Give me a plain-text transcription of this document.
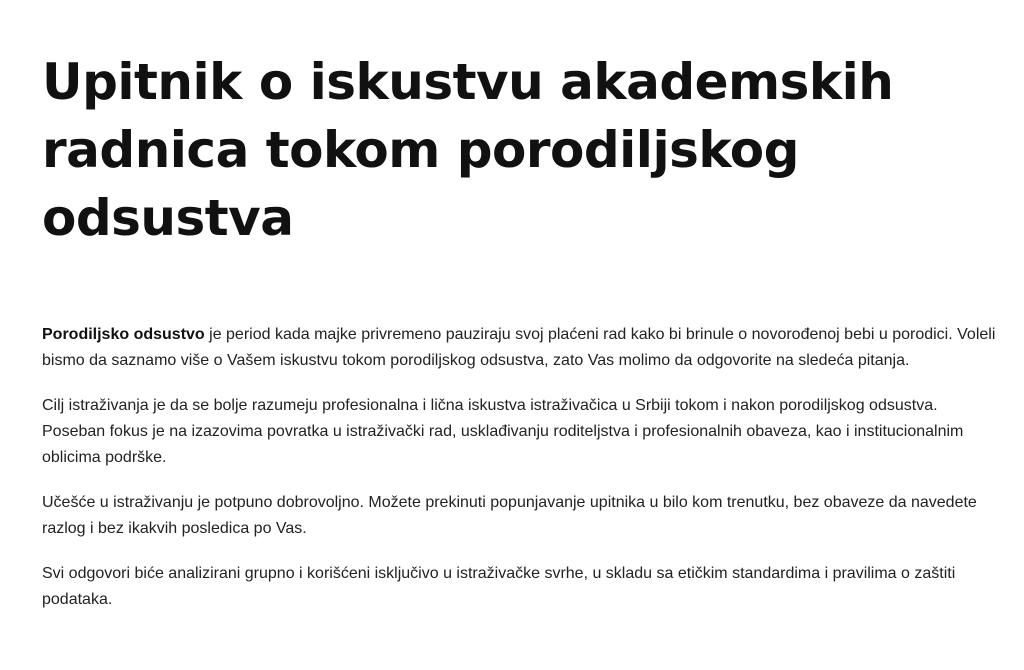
Upitnik o iskustvu akademskih radnica tokom porodiljskog odsustva

Porodiljsko odsustvo je period kada majke privremeno pauziraju svoj plaćeni rad kako bi brinule o novorođenoj bebi u porodici. Voleli bismo da saznamo više o Vašem iskustvu tokom porodiljskog odsustva, zato Vas molimo da odgovorite na sledeća pitanja.

Cilj istraživanja je da se bolje razumeju profesionalna i lična iskustva istraživačica u Srbiji tokom i nakon porodiljskog odsustva. Poseban fokus je na izazovima povratka u istraživački rad, usklađivanju roditeljstva i profesionalnih obaveza, kao i institucionalnim oblicima podrške.

Učešće u istraživanju je potpuno dobrovoljno. Možete prekinuti popunjavanje upitnika u bilo kom trenutku, bez obaveze da navedete razlog i bez ikakvih posledica po Vas.

Svi odgovori biće analizirani grupno i korišćeni isključivo u istraživačke svrhe, u skladu sa etičkim standardima i pravilima o zaštiti podataka.
